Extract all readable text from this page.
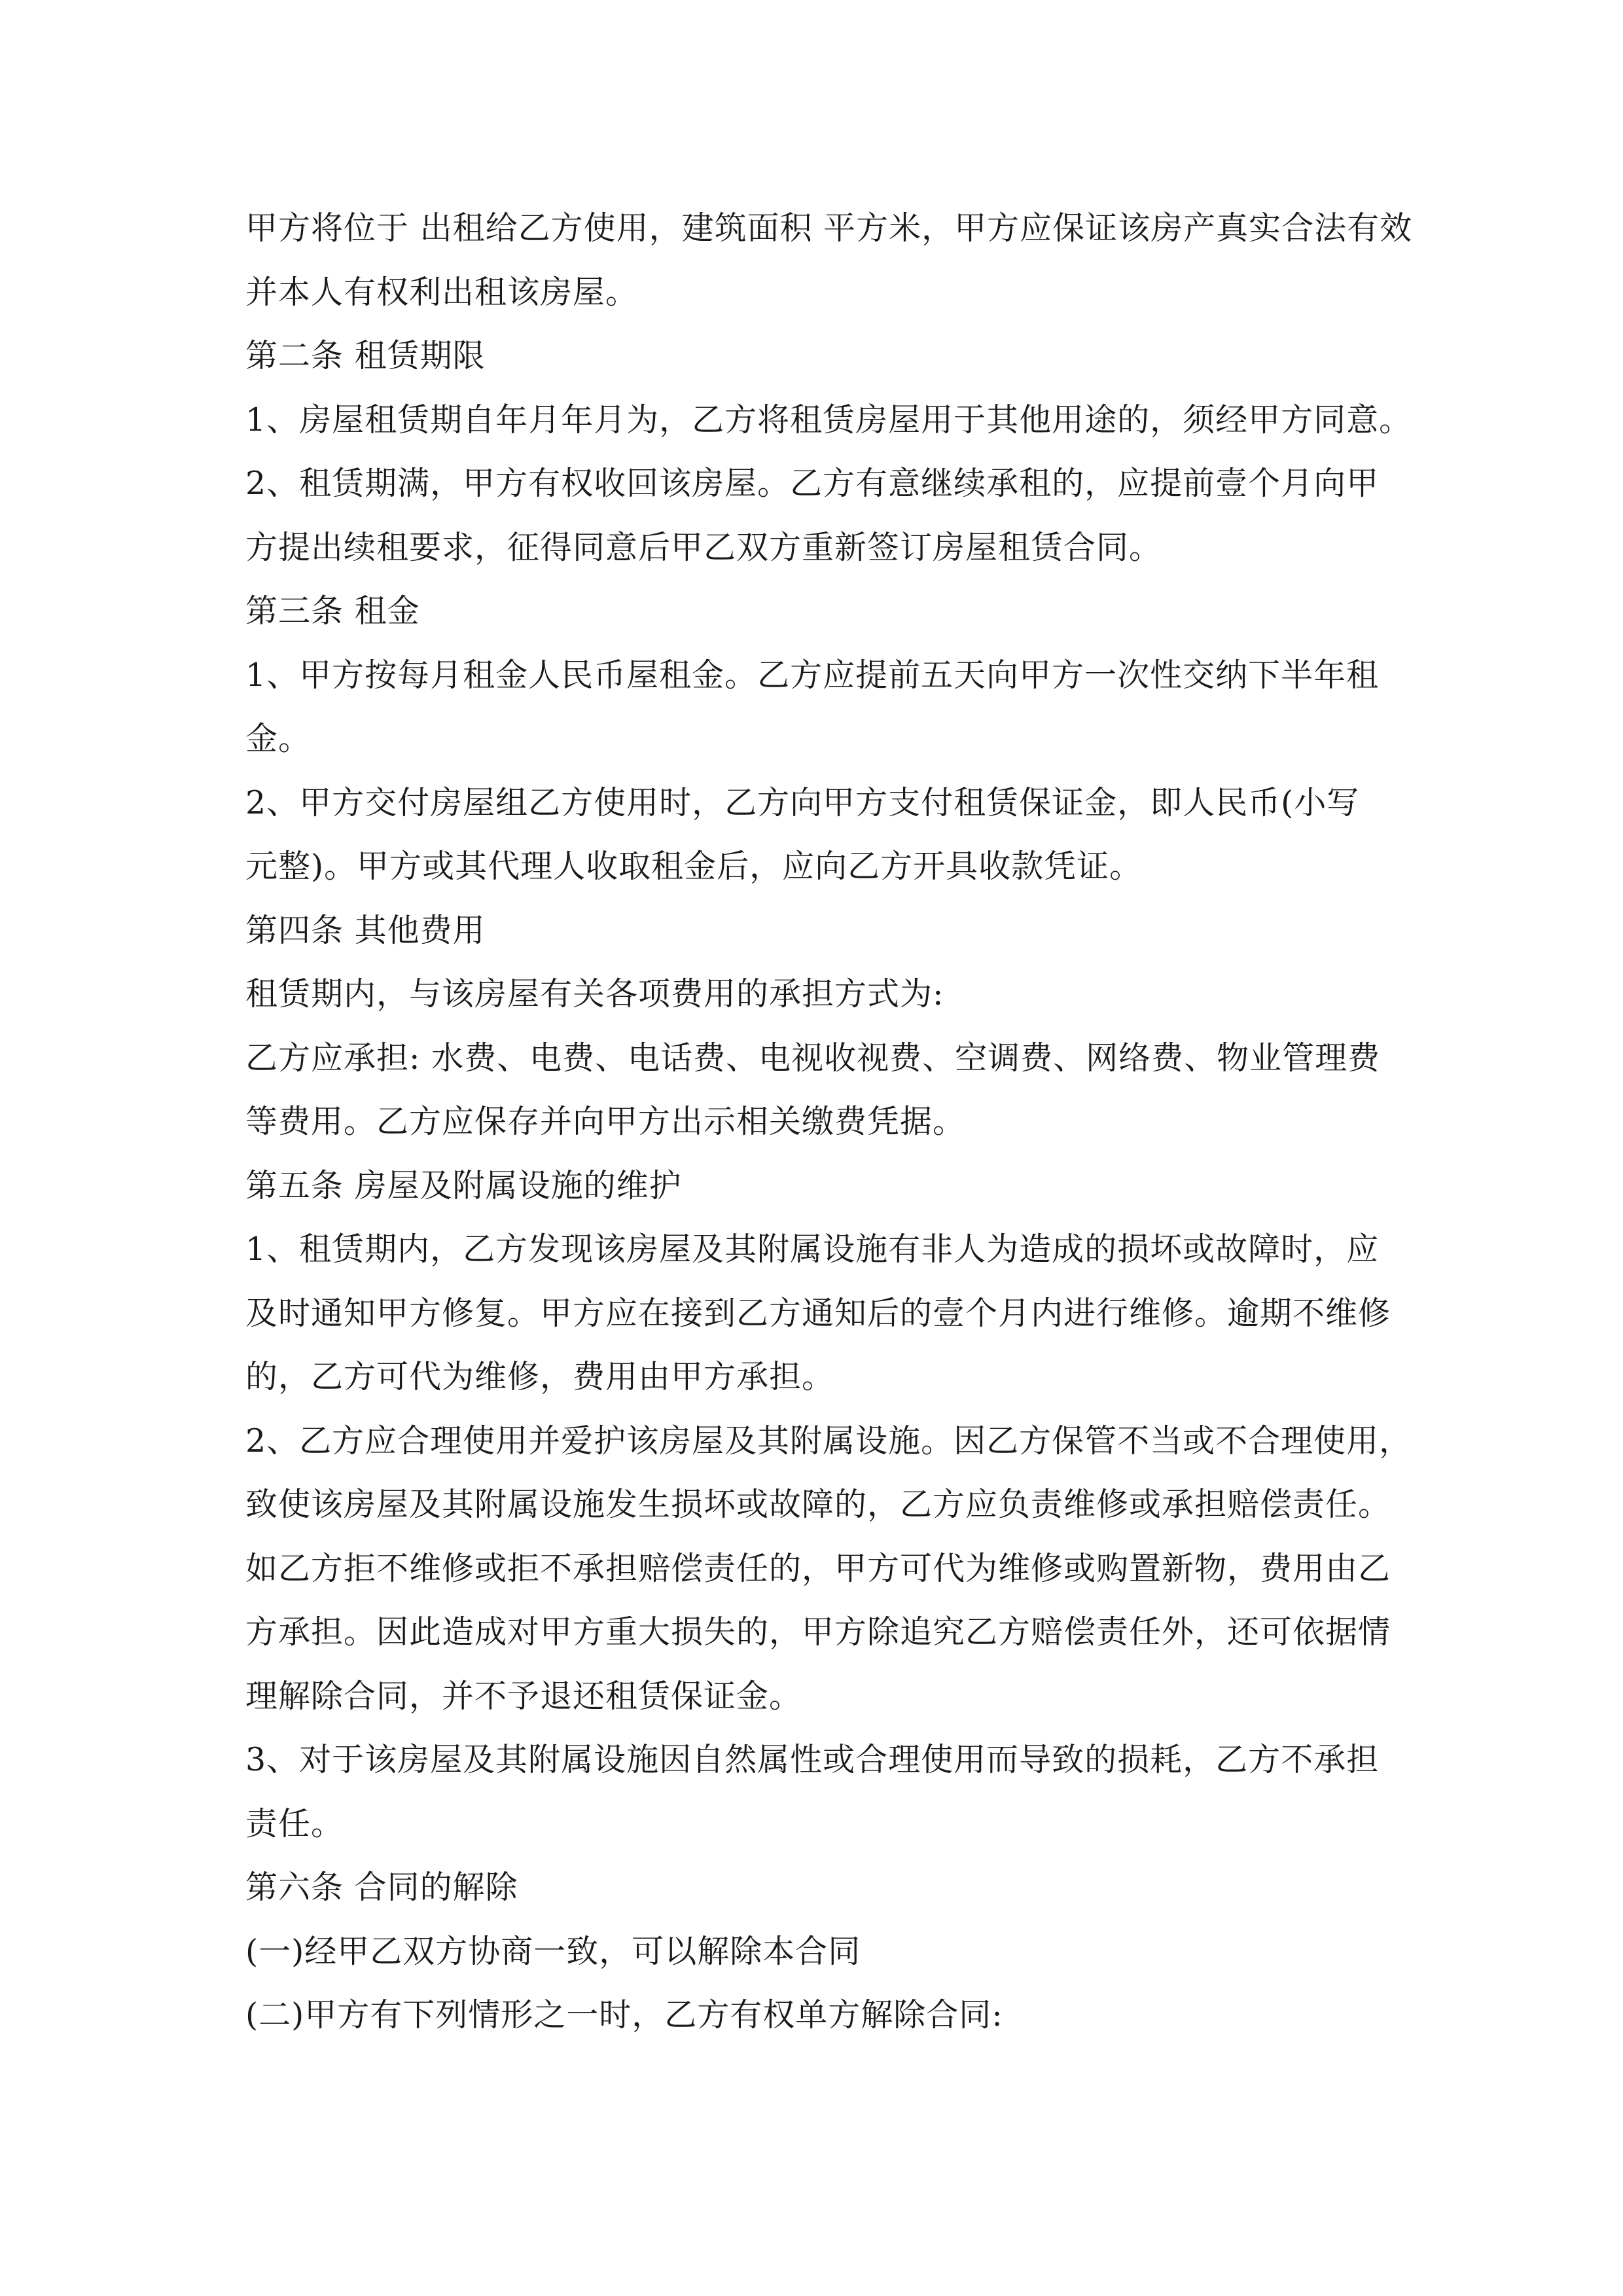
甲方将位于 出租给乙方使用，建筑面积 平方米，甲方应保证该房产真实合法有效
并本人有权利出租该房屋。
第二条 租赁期限
1、房屋租赁期自年月年月为，乙方将租赁房屋用于其他用途的，须经甲方同意。
2、租赁期满，甲方有权收回该房屋。乙方有意继续承租的，应提前壹个月向甲
方提出续租要求，征得同意后甲乙双方重新签订房屋租赁合同。
第三条 租金
1、甲方按每月租金人民币屋租金。乙方应提前五天向甲方一次性交纳下半年租
金。
2、甲方交付房屋组乙方使用时，乙方向甲方支付租赁保证金，即人民币(小写
元整)。甲方或其代理人收取租金后，应向乙方开具收款凭证。
第四条 其他费用
租赁期内，与该房屋有关各项费用的承担方式为:
乙方应承担: 水费、电费、电话费、电视收视费、空调费、网络费、物业管理费
等费用。乙方应保存并向甲方出示相关缴费凭据。
第五条 房屋及附属设施的维护
1、租赁期内，乙方发现该房屋及其附属设施有非人为造成的损坏或故障时，应
及时通知甲方修复。甲方应在接到乙方通知后的壹个月内进行维修。逾期不维修
的，乙方可代为维修，费用由甲方承担。
2、乙方应合理使用并爱护该房屋及其附属设施。因乙方保管不当或不合理使用，
致使该房屋及其附属设施发生损坏或故障的，乙方应负责维修或承担赔偿责任。
如乙方拒不维修或拒不承担赔偿责任的，甲方可代为维修或购置新物，费用由乙
方承担。因此造成对甲方重大损失的，甲方除追究乙方赔偿责任外，还可依据情
理解除合同，并不予退还租赁保证金。
3、对于该房屋及其附属设施因自然属性或合理使用而导致的损耗，乙方不承担
责任。
第六条 合同的解除
(一)经甲乙双方协商一致，可以解除本合同
(二)甲方有下列情形之一时，乙方有权单方解除合同:
